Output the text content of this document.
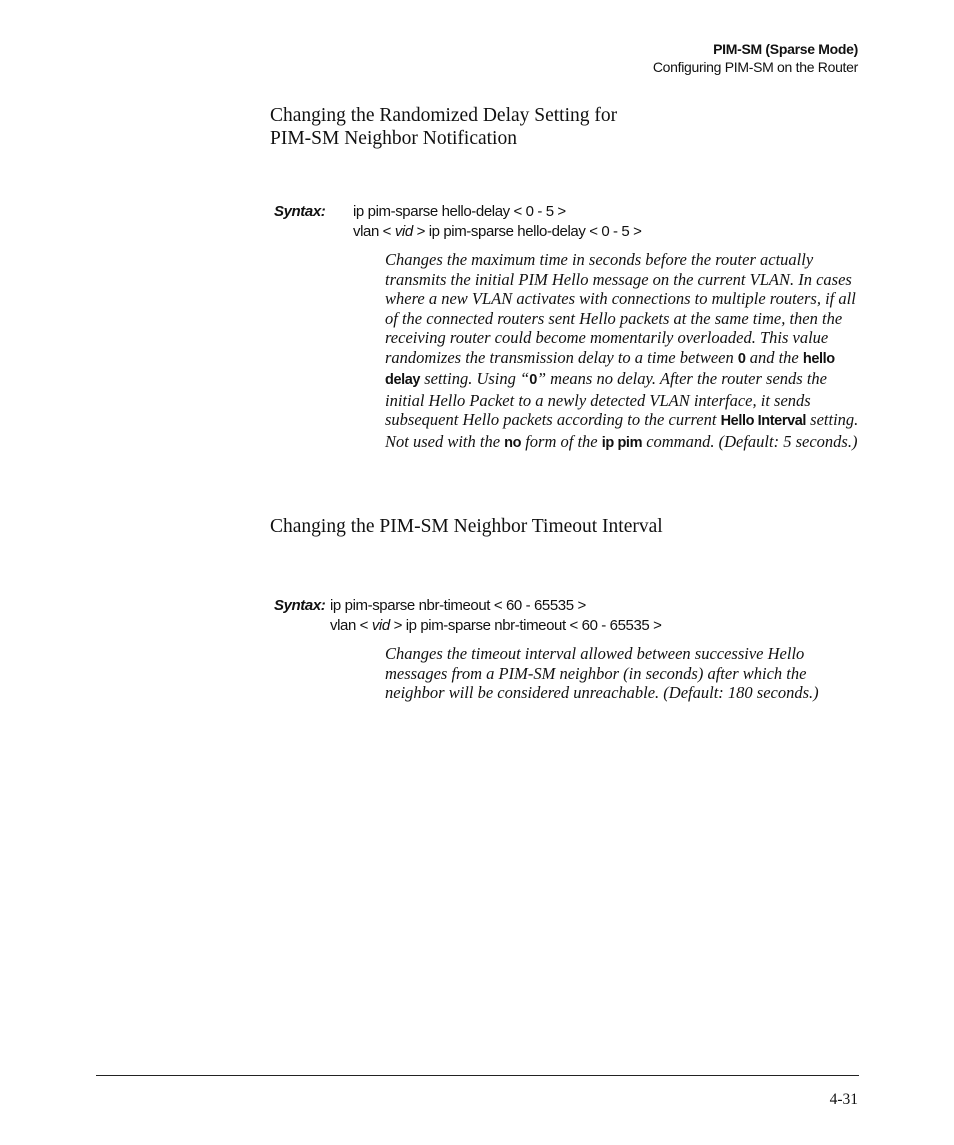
PIM-SM (Sparse Mode)
Configuring PIM-SM on the Router
Changing the Randomized Delay Setting for
PIM-SM Neighbor Notification
Syntax: ip pim-sparse hello-delay < 0 - 5 >
vlan < vid > ip pim-sparse hello-delay < 0 - 5 >
Changes the maximum time in seconds before the router actually transmits the initial PIM Hello message on the current VLAN. In cases where a new VLAN activates with connections to multiple routers, if all of the connected routers sent Hello packets at the same time, then the receiving router could become momentarily overloaded. This value randomizes the transmission delay to a time between 0 and the hello delay setting. Using “0” means no delay. After the router sends the initial Hello Packet to a newly detected VLAN interface, it sends subsequent Hello packets according to the current Hello Interval setting. Not used with the no form of the ip pim command. (Default: 5 seconds.)
Changing the PIM-SM Neighbor Timeout Interval
Syntax: ip pim-sparse nbr-timeout < 60 - 65535 >
vlan < vid > ip pim-sparse nbr-timeout < 60 - 65535 >
Changes the timeout interval allowed between successive Hello messages from a PIM-SM neighbor (in seconds) after which the neighbor will be considered unreachable. (Default: 180 seconds.)
4-31
